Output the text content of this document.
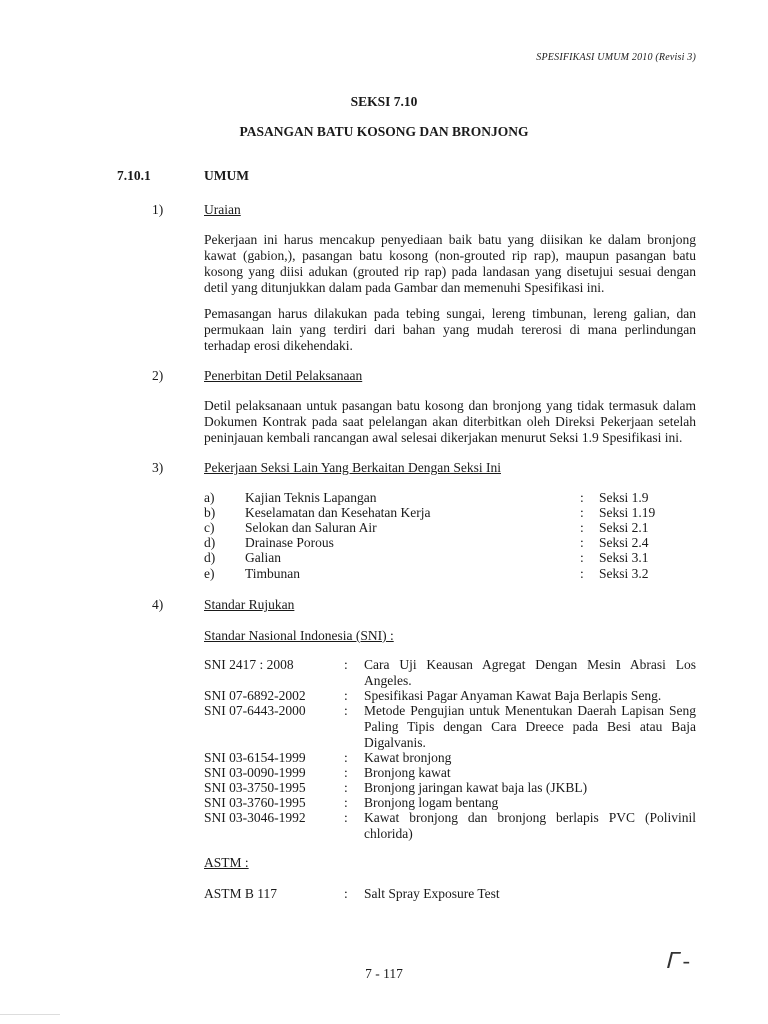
SPESIFIKASI UMUM 2010 (Revisi 3)
SEKSI 7.10
PASANGAN BATU KOSONG DAN BRONJONG
7.10.1	UMUM
1)	Uraian
Pekerjaan ini harus mencakup penyediaan baik batu yang diisikan ke dalam bronjong kawat (gabion,), pasangan batu kosong (non-grouted rip rap), maupun pasangan batu kosong yang diisi adukan (grouted rip rap) pada landasan yang disetujui sesuai dengan detil yang ditunjukkan dalam pada Gambar dan memenuhi Spesifikasi ini.
Pemasangan harus dilakukan pada tebing sungai, lereng timbunan, lereng galian, dan permukaan lain yang terdiri dari bahan yang mudah tererosi di mana perlindungan terhadap erosi dikehendaki.
2)	Penerbitan Detil Pelaksanaan
Detil pelaksanaan untuk pasangan batu kosong dan bronjong yang tidak termasuk dalam Dokumen Kontrak pada saat pelelangan akan diterbitkan oleh Direksi Pekerjaan setelah peninjauan kembali rancangan awal selesai dikerjakan menurut Seksi 1.9 Spesifikasi ini.
3)	Pekerjaan Seksi Lain Yang Berkaitan Dengan Seksi Ini
a) Kajian Teknis Lapangan	: Seksi 1.9
b) Keselamatan dan Kesehatan Kerja	: Seksi 1.19
c) Selokan dan Saluran Air	: Seksi 2.1
d) Drainase Porous	: Seksi 2.4
d) Galian	: Seksi 3.1
e) Timbunan	: Seksi 3.2
4)	Standar Rujukan
Standar Nasional Indonesia (SNI) :
SNI 2417 : 2008	: Cara Uji Keausan Agregat Dengan Mesin Abrasi Los Angeles.
SNI 07-6892-2002	: Spesifikasi Pagar Anyaman Kawat Baja Berlapis Seng.
SNI 07-6443-2000	: Metode Pengujian untuk Menentukan Daerah Lapisan Seng Paling Tipis dengan Cara Dreece pada Besi atau Baja Digalvanis.
SNI 03-6154-1999	: Kawat bronjong
SNI 03-0090-1999	: Bronjong kawat
SNI 03-3750-1995	: Bronjong jaringan kawat baja las (JKBL)
SNI 03-3760-1995	: Bronjong logam bentang
SNI 03-3046-1992	: Kawat bronjong dan bronjong berlapis PVC (Polivinil chlorida)
ASTM :
ASTM B 117	: Salt Spray Exposure Test
7 - 117
ᒥ -
